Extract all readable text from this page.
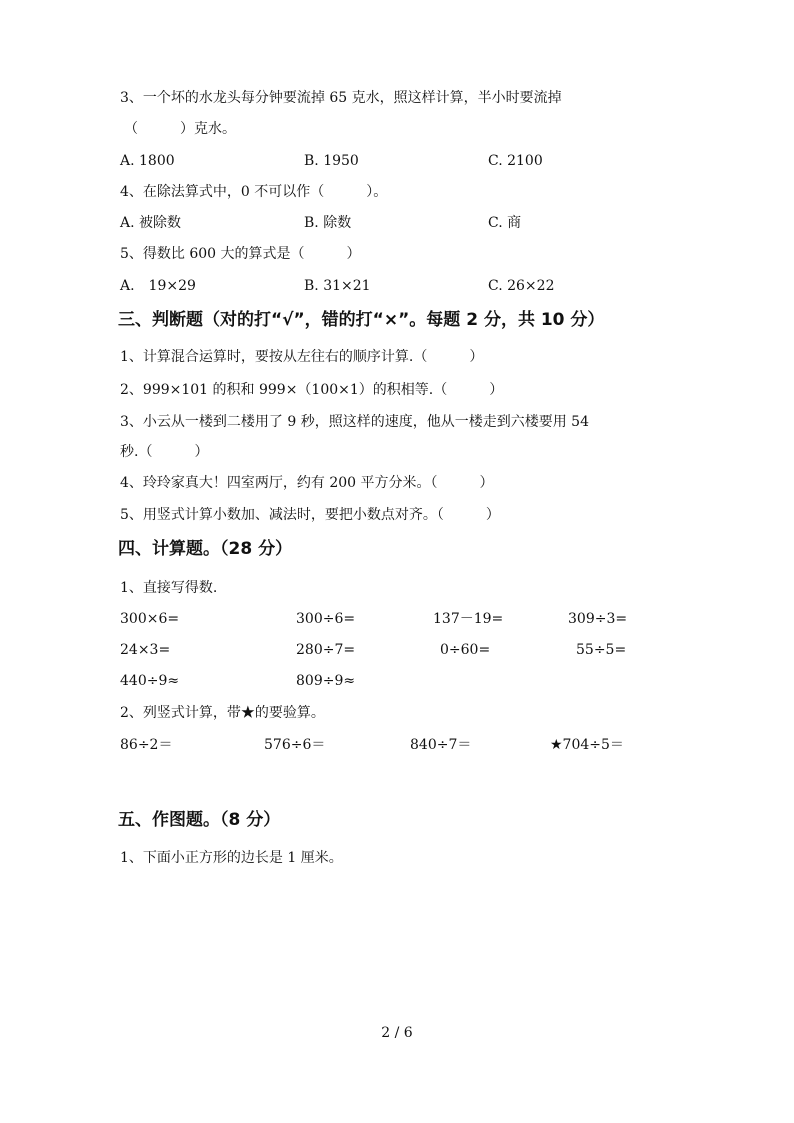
3、一个坏的水龙头每分钟要流掉 65 克水，照这样计算，半小时要流掉
（　　　）克水。
A. 1800	B. 1950	C. 2100
4、在除法算式中，0 不可以作（　　　）。
A. 被除数	B. 除数	C. 商
5、得数比 600 大的算式是（　　　）
A.　19×29	B. 31×21	C. 26×22
三、判断题（对的打“√”，错的打“×”。每题 2 分，共 10 分）
1、计算混合运算时，要按从左往右的顺序计算.（　　　）
2、999×101 的积和 999×（100×1）的积相等.（　　　）
3、小云从一楼到二楼用了 9 秒，照这样的速度，他从一楼走到六楼要用 54
秒.（　　　）
4、玲玲家真大！四室两厅，约有 200 平方分米。（　　　）
5、用竖式计算小数加、减法时，要把小数点对齐。（　　　）
四、计算题。（28 分）
1、直接写得数.
300×6=	300÷6=	137－19=	309÷3=
24×3=	280÷7=	0÷60=	55÷5=
440÷9≈	809÷9≈
2、列竖式计算，带★的要验算。
86÷2＝	576÷6＝	840÷7＝	★704÷5＝
五、作图题。（8 分）
1、下面小正方形的边长是 1 厘米。
2 / 6
